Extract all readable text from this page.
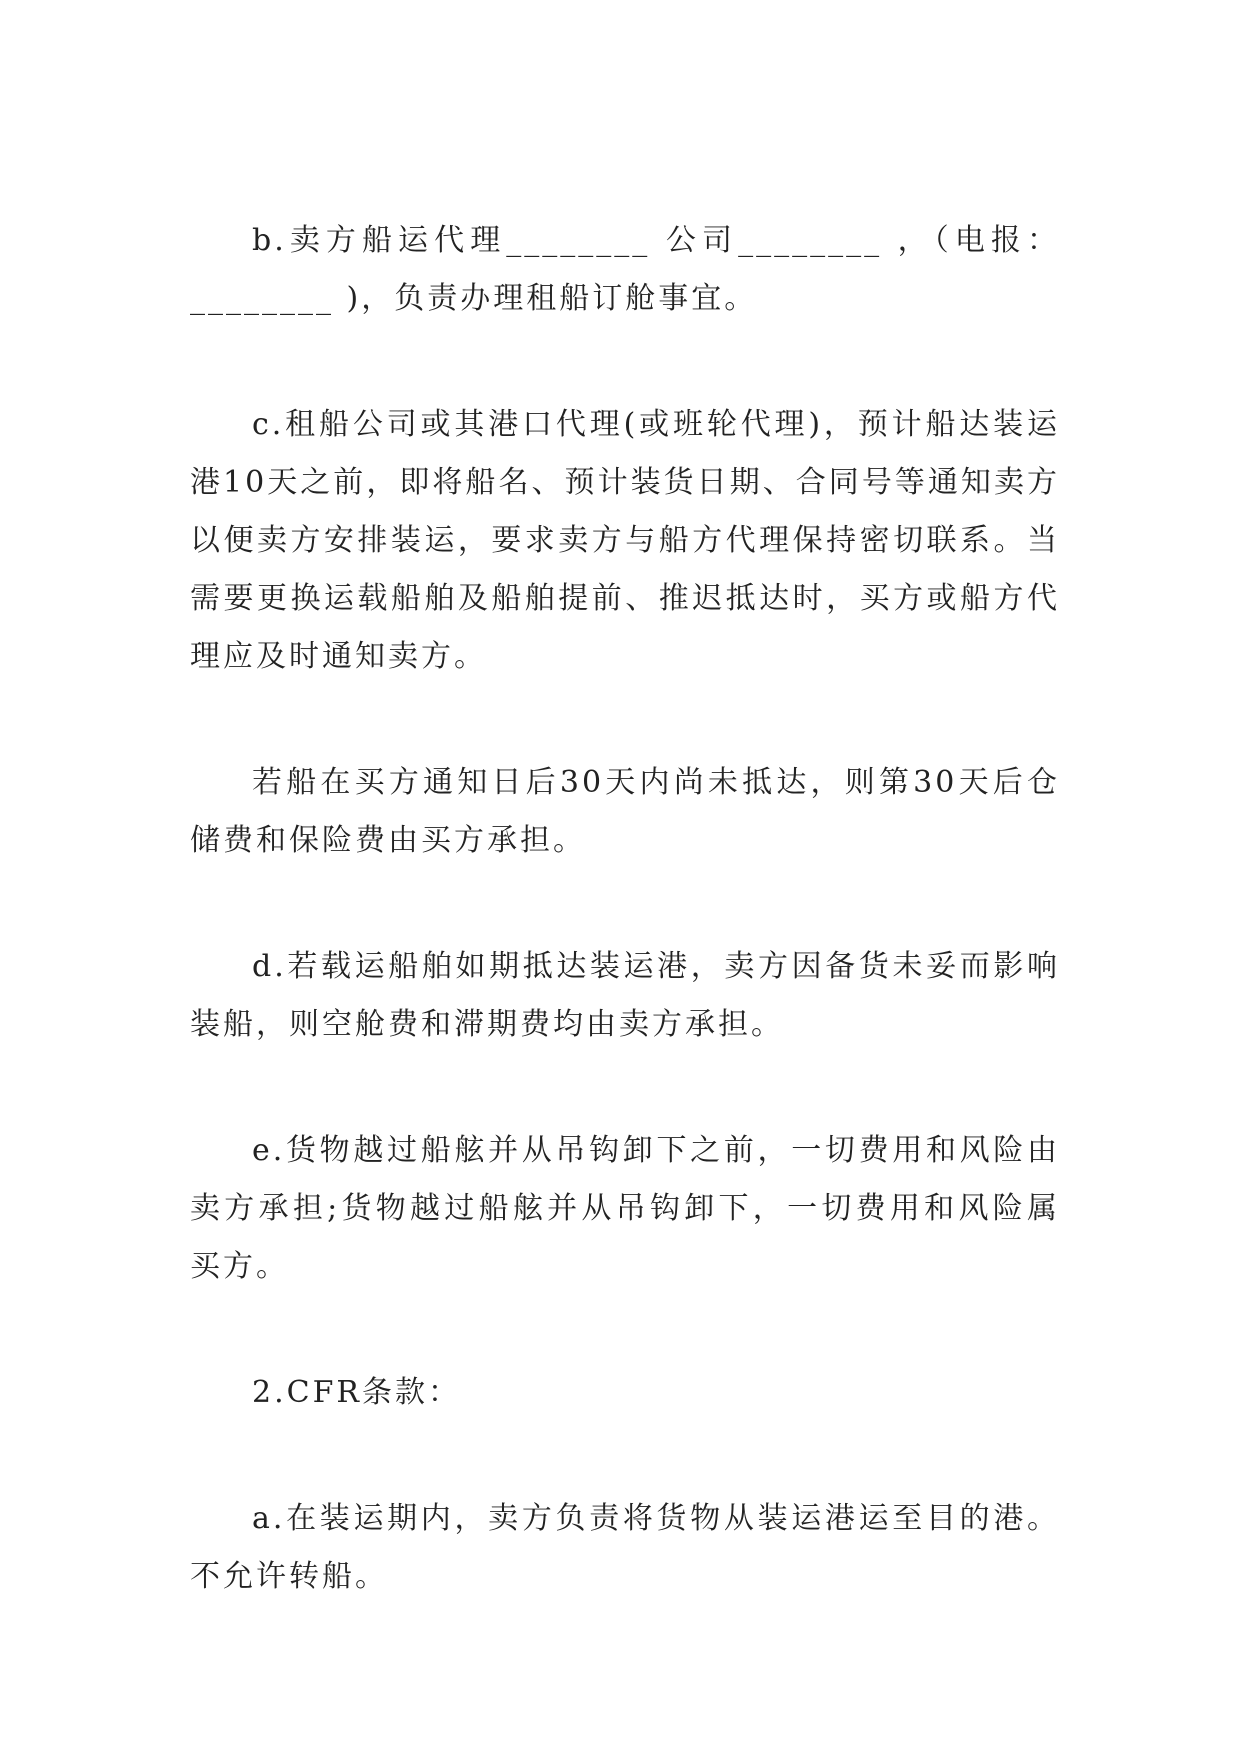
b.卖方船运代理________ 公司________ ，（电报：________ )，负责办理租船订舱事宜。

c.租船公司或其港口代理(或班轮代理)，预计船达装运港10天之前，即将船名、预计装货日期、合同号等通知卖方以便卖方安排装运，要求卖方与船方代理保持密切联系。当需要更换运载船舶及船舶提前、推迟抵达时，买方或船方代理应及时通知卖方。

若船在买方通知日后30天内尚未抵达，则第30天后仓储费和保险费由买方承担。

d.若载运船舶如期抵达装运港，卖方因备货未妥而影响装船，则空舱费和滞期费均由卖方承担。

e.货物越过船舷并从吊钩卸下之前，一切费用和风险由卖方承担;货物越过船舷并从吊钩卸下，一切费用和风险属买方。

2.CFR条款：

a.在装运期内，卖方负责将货物从装运港运至目的港。不允许转船。
